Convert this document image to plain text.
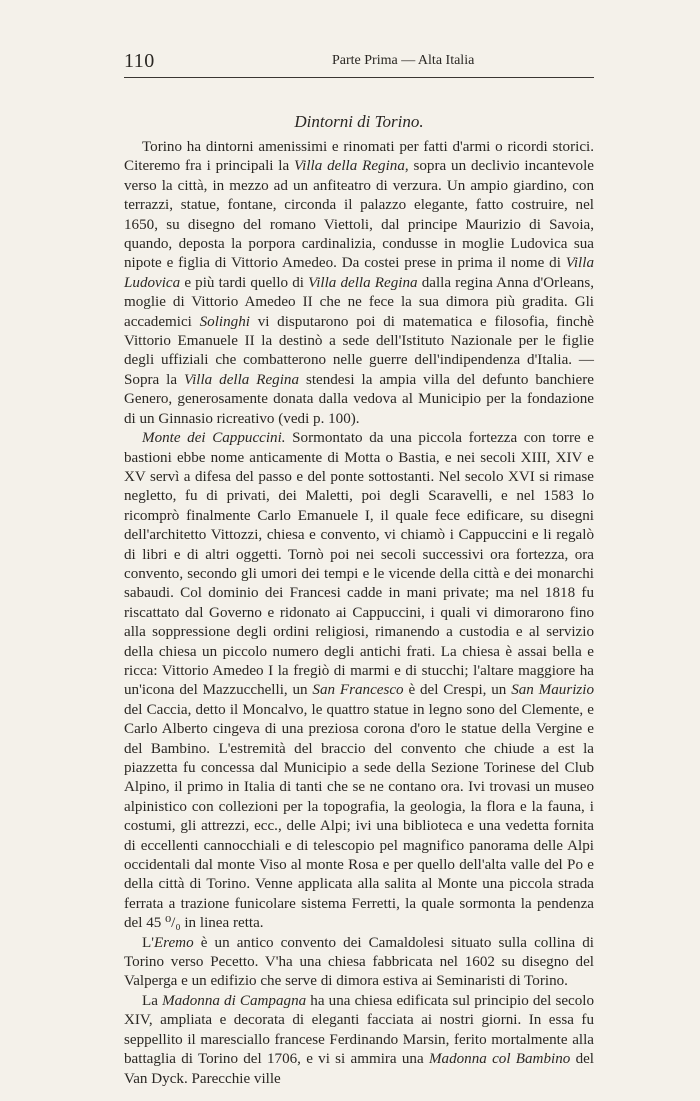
110	Parte Prima — Alta Italia
Dintorni di Torino.

Torino ha dintorni amenissimi e rinomati per fatti d'armi o ricordi storici. Citeremo fra i principali la Villa della Regina, sopra un declivio incantevole verso la città, in mezzo ad un anfiteatro di verzura. Un ampio giardino, con terrazzi, statue, fontane, circonda il palazzo elegante, fatto costruire, nel 1650, su disegno del romano Viettoli, dal principe Maurizio di Savoia, quando, deposta la porpora cardinalizia, condusse in moglie Ludovica sua nipote e figlia di Vittorio Amedeo. Da costei prese in prima il nome di Villa Ludovica e più tardi quello di Villa della Regina dalla regina Anna d'Orleans, moglie di Vittorio Amedeo II che ne fece la sua dimora più gradita. Gli accademici Solinghi vi disputarono poi di matematica e filosofia, finchè Vittorio Emanuele II la destinò a sede dell'Istituto Nazionale per le figlie degli uffiziali che combatterono nelle guerre dell'indipendenza d'Italia. — Sopra la Villa della Regina stendesi la ampia villa del defunto banchiere Genero, generosamente donata dalla vedova al Municipio per la fondazione di un Ginnasio ricreativo (vedi p. 100).

Monte dei Cappuccini. Sormontato da una piccola fortezza con torre e bastioni ebbe nome anticamente di Motta o Bastia, e nei secoli XIII, XIV e XV servì a difesa del passo e del ponte sottostanti. Nel secolo XVI si rimase negletto, fu di privati, dei Maletti, poi degli Scaravelli, e nel 1583 lo ricomprò finalmente Carlo Emanuele I, il quale fece edificare, su disegni dell'architetto Vittozzi, chiesa e convento, vi chiamò i Cappuccini e li regalò di libri e di altri oggetti. Tornò poi nei secoli successivi ora fortezza, ora convento, secondo gli umori dei tempi e le vicende della città e dei monarchi sabaudi. Col dominio dei Francesi cadde in mani private; ma nel 1818 fu riscattato dal Governo e ridonato ai Cappuccini, i quali vi dimorarono fino alla soppressione degli ordini religiosi, rimanendo a custodia e al servizio della chiesa un piccolo numero degli antichi frati. La chiesa è assai bella e ricca: Vittorio Amedeo I la fregiò di marmi e di stucchi; l'altare maggiore ha un'icona del Mazzucchelli, un San Francesco è del Crespi, un San Maurizio del Caccia, detto il Moncalvo, le quattro statue in legno sono del Clemente, e Carlo Alberto cingeva di una preziosa corona d'oro le statue della Vergine e del Bambino. L'estremità del braccio del convento che chiude a est la piazzetta fu concessa dal Municipio a sede della Sezione Torinese del Club Alpino, il primo in Italia di tanti che se ne contano ora. Ivi trovasi un museo alpinistico con collezioni per la topografia, la geologia, la flora e la fauna, i costumi, gli attrezzi, ecc., delle Alpi; ivi una biblioteca e una vedetta fornita di eccellenti cannocchiali e di telescopio pel magnifico panorama delle Alpi occidentali dal monte Viso al monte Rosa e per quello dell'alta valle del Po e della città di Torino. Venne applicata alla salita al Monte una piccola strada ferrata a trazione funicolare sistema Ferretti, la quale sormonta la pendenza del 45 ⁰/₀ in linea retta.

L'Eremo è un antico convento dei Camaldolesi situato sulla collina di Torino verso Pecetto. V'ha una chiesa fabbricata nel 1602 su disegno del Valperga e un edifizio che serve di dimora estiva ai Seminaristi di Torino.

La Madonna di Campagna ha una chiesa edificata sul principio del secolo XIV, ampliata e decorata di eleganti facciata ai nostri giorni. In essa fu seppellito il maresciallo francese Ferdinando Marsin, ferito mortalmente alla battaglia di Torino del 1706, e vi si ammira una Madonna col Bambino del Van Dyck. Parecchie ville
